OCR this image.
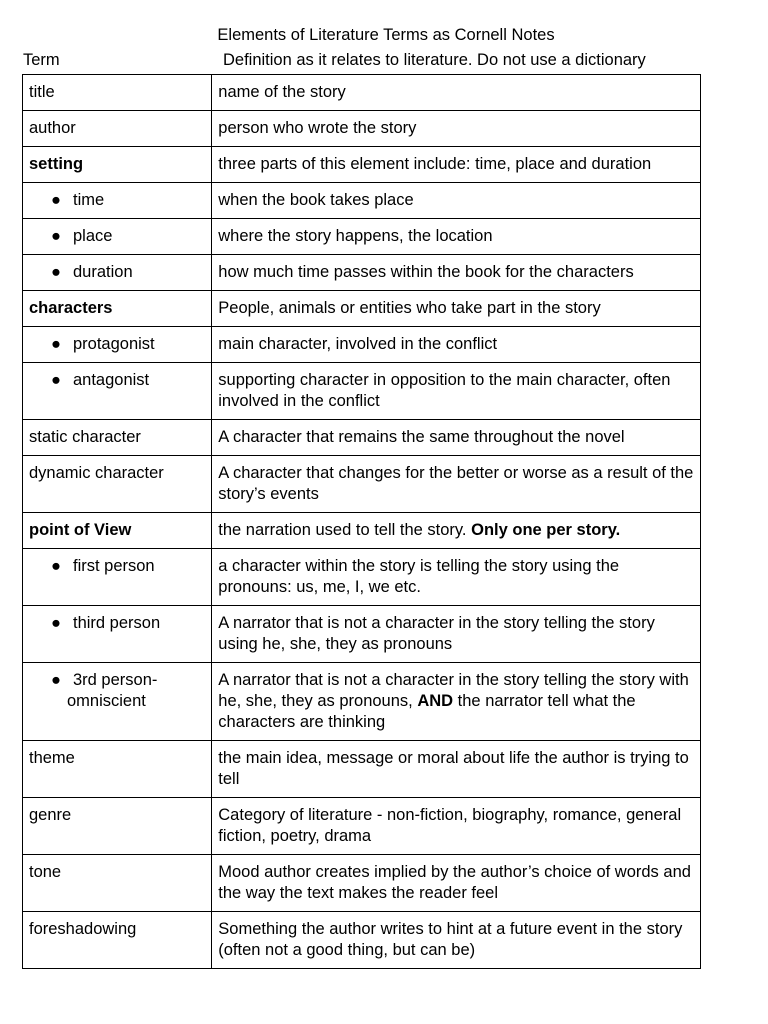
Elements of Literature Terms as Cornell Notes
Term	Definition as it relates to literature. Do not use a dictionary
title	name of the story
author	person who wrote the story
setting	three parts of this element include: time, place and duration

● time	when the book takes place

● place	where the story happens, the location

● duration	how much time passes within the book for the characters
characters	People, animals or entities who take part in the story

● protagonist	main character, involved in the conflict

● antagonist	supporting character in opposition to the main character, often involved in the conflict
static character	A character that remains the same throughout the novel
dynamic character	A character that changes for the better or worse as a result of the story’s events
point of View	the narration used to tell the story. Only one per story.

● first person	a character within the story is telling the story using the pronouns: us, me, I, we etc.

● third person	A narrator that is not a character in the story telling the story using he, she, they as pronouns

● 3rd person-
omniscient	A narrator that is not a character in the story telling the story with he, she, they as pronouns, AND the narrator tell what the characters are thinking
theme	the main idea, message or moral about life the author is trying to tell
genre	Category of literature - non-fiction, biography, romance, general fiction, poetry, drama
tone	Mood author creates implied by the author’s choice of words and the way the text makes the reader feel
foreshadowing	Something the author writes to hint at a future event in the story (often not a good thing, but can be)
